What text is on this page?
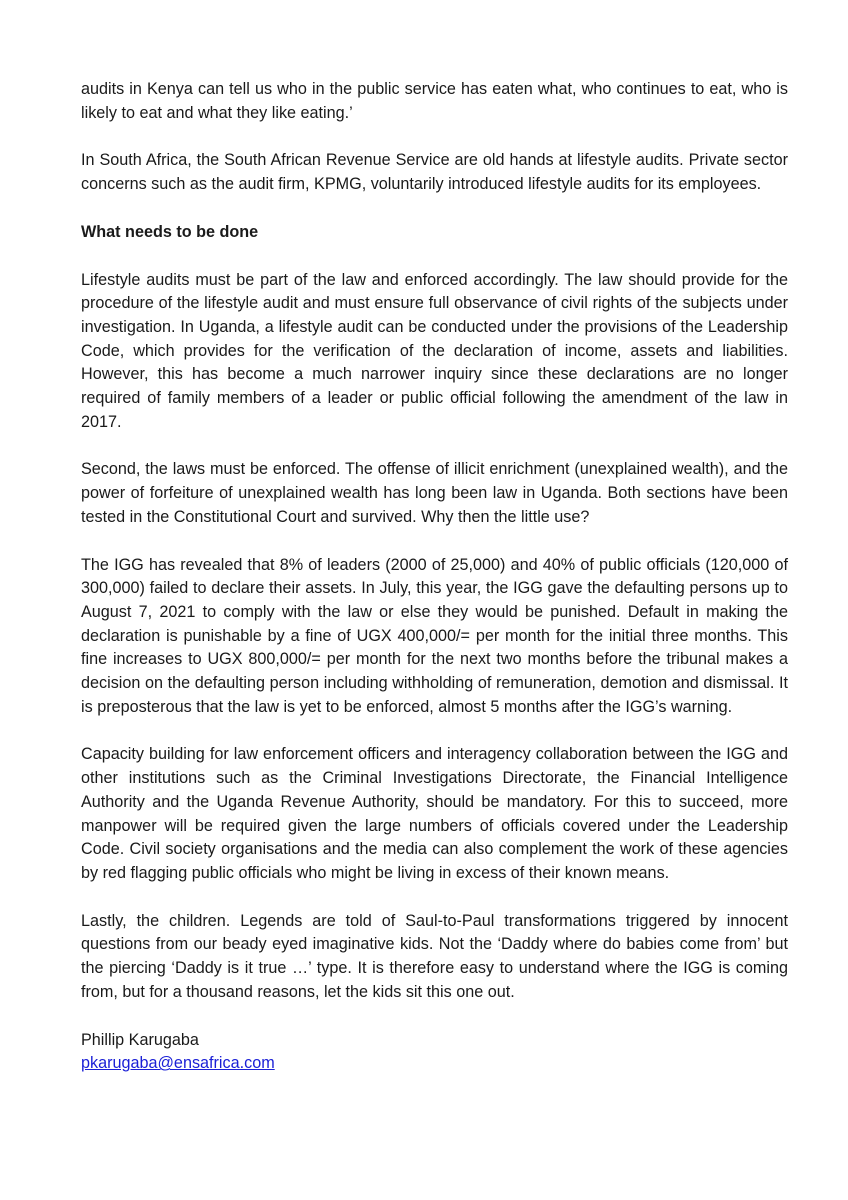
audits in Kenya can tell us who in the public service has eaten what, who continues to eat, who is likely to eat and what they like eating.’

In South Africa, the South African Revenue Service are old hands at lifestyle audits. Private sector concerns such as the audit firm, KPMG, voluntarily introduced lifestyle audits for its employees.

What needs to be done

Lifestyle audits must be part of the law and enforced accordingly. The law should provide for the procedure of the lifestyle audit and must ensure full observance of civil rights of the subjects under investigation. In Uganda, a lifestyle audit can be conducted under the provisions of the Leadership Code, which provides for the verification of the declaration of income, assets and liabilities. However, this has become a much narrower inquiry since these declarations are no longer required of family members of a leader or public official following the amendment of the law in 2017.

Second, the laws must be enforced. The offense of illicit enrichment (unexplained wealth), and the power of forfeiture of unexplained wealth has long been law in Uganda. Both sections have been tested in the Constitutional Court and survived. Why then the little use?

The IGG has revealed that 8% of leaders (2000 of 25,000) and 40% of public officials (120,000 of 300,000) failed to declare their assets. In July, this year, the IGG gave the defaulting persons up to August 7, 2021 to comply with the law or else they would be punished. Default in making the declaration is punishable by a fine of UGX 400,000/= per month for the initial three months. This fine increases to UGX 800,000/= per month for the next two months before the tribunal makes a decision on the defaulting person including withholding of remuneration, demotion and dismissal. It is preposterous that the law is yet to be enforced, almost 5 months after the IGG’s warning.

Capacity building for law enforcement officers and interagency collaboration between the IGG and other institutions such as the Criminal Investigations Directorate, the Financial Intelligence Authority and the Uganda Revenue Authority, should be mandatory. For this to succeed, more manpower will be required given the large numbers of officials covered under the Leadership Code. Civil society organisations and the media can also complement the work of these agencies by red flagging public officials who might be living in excess of their known means.

Lastly, the children. Legends are told of Saul-to-Paul transformations triggered by innocent questions from our beady eyed imaginative kids. Not the ‘Daddy where do babies come from’ but the piercing ‘Daddy is it true …’ type. It is therefore easy to understand where the IGG is coming from, but for a thousand reasons, let the kids sit this one out.

Phillip Karugaba
pkarugaba@ensafrica.com
